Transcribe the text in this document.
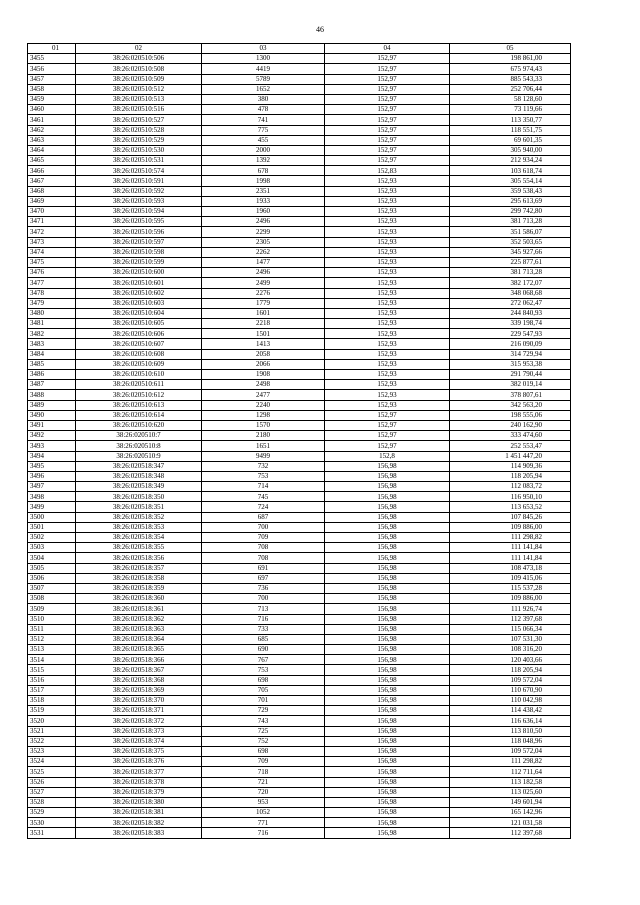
46
01	02	03	04	05
3455	38:26:020510:506	1300	152,97	198 861,00
3456	38:26:020510:508	4419	152,97	675 974,43
3457	38:26:020510:509	5789	152,97	885 543,33
3458	38:26:020510:512	1652	152,97	252 706,44
3459	38:26:020510:513	380	152,97	58 128,60
3460	38:26:020510:516	478	152,97	73 119,66
3461	38:26:020510:527	741	152,97	113 350,77
3462	38:26:020510:528	775	152,97	118 551,75
3463	38:26:020510:529	455	152,97	69 601,35
3464	38:26:020510:530	2000	152,97	305 940,00
3465	38:26:020510:531	1392	152,97	212 934,24
3466	38:26:020510:574	678	152,83	103 618,74
3467	38:26:020510:591	1998	152,93	305 554,14
3468	38:26:020510:592	2351	152,93	359 538,43
3469	38:26:020510:593	1933	152,93	295 613,69
3470	38:26:020510:594	1960	152,93	299 742,80
3471	38:26:020510:595	2496	152,93	381 713,28
3472	38:26:020510:596	2299	152,93	351 586,07
3473	38:26:020510:597	2305	152,93	352 503,65
3474	38:26:020510:598	2262	152,93	345 927,66
3475	38:26:020510:599	1477	152,93	225 877,61
3476	38:26:020510:600	2496	152,93	381 713,28
3477	38:26:020510:601	2499	152,93	382 172,07
3478	38:26:020510:602	2276	152,93	348 068,68
3479	38:26:020510:603	1779	152,93	272 062,47
3480	38:26:020510:604	1601	152,93	244 840,93
3481	38:26:020510:605	2218	152,93	339 198,74
3482	38:26:020510:606	1501	152,93	229 547,93
3483	38:26:020510:607	1413	152,93	216 090,09
3484	38:26:020510:608	2058	152,93	314 729,94
3485	38:26:020510:609	2066	152,93	315 953,38
3486	38:26:020510:610	1908	152,93	291 790,44
3487	38:26:020510:611	2498	152,93	382 019,14
3488	38:26:020510:612	2477	152,93	378 807,61
3489	38:26:020510:613	2240	152,93	342 563,20
3490	38:26:020510:614	1298	152,97	198 555,06
3491	38:26:020510:620	1570	152,97	240 162,90
3492	38:26:020510:7	2180	152,97	333 474,60
3493	38:26:020510:8	1651	152,97	252 553,47
3494	38:26:020510:9	9499	152,8	1 451 447,20
3495	38:26:020518:347	732	156,98	114 909,36
3496	38:26:020518:348	753	156,98	118 205,94
3497	38:26:020518:349	714	156,98	112 083,72
3498	38:26:020518:350	745	156,98	116 950,10
3499	38:26:020518:351	724	156,98	113 653,52
3500	38:26:020518:352	687	156,98	107 845,26
3501	38:26:020518:353	700	156,98	109 886,00
3502	38:26:020518:354	709	156,98	111 298,82
3503	38:26:020518:355	708	156,98	111 141,84
3504	38:26:020518:356	708	156,98	111 141,84
3505	38:26:020518:357	691	156,98	108 473,18
3506	38:26:020518:358	697	156,98	109 415,06
3507	38:26:020518:359	736	156,98	115 537,28
3508	38:26:020518:360	700	156,98	109 886,00
3509	38:26:020518:361	713	156,98	111 926,74
3510	38:26:020518:362	716	156,98	112 397,68
3511	38:26:020518:363	733	156,98	115 066,34
3512	38:26:020518:364	685	156,98	107 531,30
3513	38:26:020518:365	690	156,98	108 316,20
3514	38:26:020518:366	767	156,98	120 403,66
3515	38:26:020518:367	753	156,98	118 205,94
3516	38:26:020518:368	698	156,98	109 572,04
3517	38:26:020518:369	705	156,98	110 670,90
3518	38:26:020518:370	701	156,98	110 042,98
3519	38:26:020518:371	729	156,98	114 438,42
3520	38:26:020518:372	743	156,98	116 636,14
3521	38:26:020518:373	725	156,98	113 810,50
3522	38:26:020518:374	752	156,98	118 048,96
3523	38:26:020518:375	698	156,98	109 572,04
3524	38:26:020518:376	709	156,98	111 298,82
3525	38:26:020518:377	718	156,98	112 711,64
3526	38:26:020518:378	721	156,98	113 182,58
3527	38:26:020518:379	720	156,98	113 025,60
3528	38:26:020518:380	953	156,98	149 601,94
3529	38:26:020518:381	1052	156,98	165 142,96
3530	38:26:020518:382	771	156,98	121 031,58
3531	38:26:020518:383	716	156,98	112 397,68
